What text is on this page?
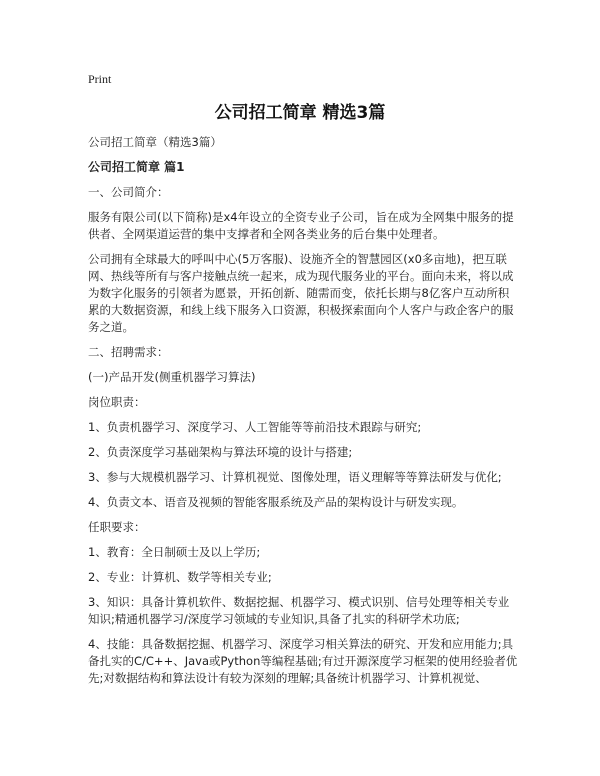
Print
公司招工简章 精选3篇

公司招工简章（精选3篇）

公司招工简章 篇1

一、公司简介：

服务有限公司(以下简称)是x4年设立的全资专业子公司，旨在成为全网集中服务的提供者、全网渠道运营的集中支撑者和全网各类业务的后台集中处理者。

公司拥有全球最大的呼叫中心(5万客服)、设施齐全的智慧园区(x0多亩地)，把互联网、热线等所有与客户接触点统一起来，成为现代服务业的平台。面向未来，将以成为数字化服务的引领者为愿景，开拓创新、随需而变，依托长期与8亿客户互动所积累的大数据资源，和线上线下服务入口资源，积极探索面向个人客户与政企客户的服务之道。

二、招聘需求：

(一)产品开发(侧重机器学习算法)

岗位职责：

1、负责机器学习、深度学习、人工智能等等前沿技术跟踪与研究;

2、负责深度学习基础架构与算法环境的设计与搭建;

3、参与大规模机器学习、计算机视觉、图像处理，语义理解等等算法研发与优化;

4、负责文本、语音及视频的智能客服系统及产品的架构设计与研发实现。

任职要求：

1、教育：全日制硕士及以上学历;

2、专业：计算机、数学等相关专业;

3、知识：具备计算机软件、数据挖掘、机器学习、模式识别、信号处理等相关专业知识;精通机器学习/深度学习领域的专业知识,具备了扎实的科研学术功底;

4、技能：具备数据挖掘、机器学习、深度学习相关算法的研究、开发和应用能力;具备扎实的C/C++、Java或Python等编程基础;有过开源深度学习框架的使用经验者优先;对数据结构和算法设计有较为深刻的理解;具备统计机器学习、计算机视觉、
